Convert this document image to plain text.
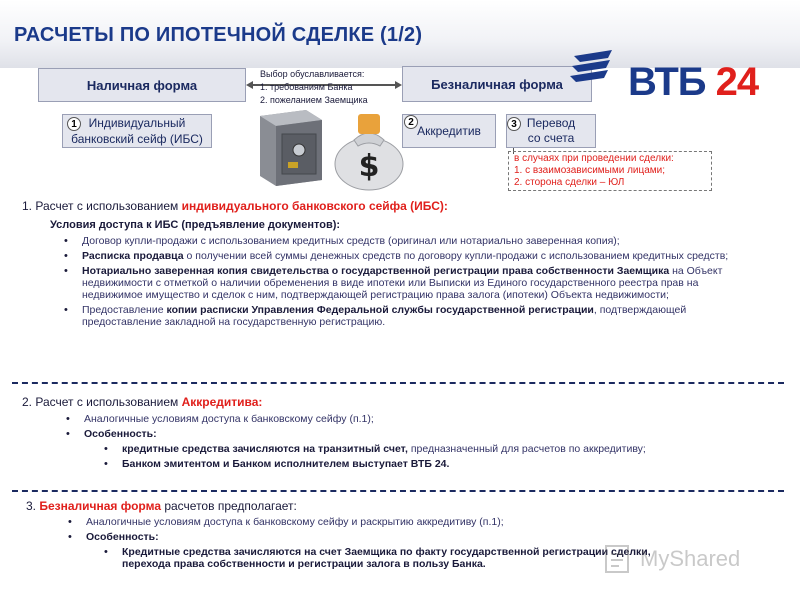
РАСЧЕТЫ ПО ИПОТЕЧНОЙ СДЕЛКЕ (1/2)
Наличная форма	Безналичная форма
Выбор обуславливается:
1. требованиям Банка
2. пожеланием Заемщика
Индивидуальный
банковский сейф (ИБС)
1	Аккредитив
2	Перевод
со счета
3
в случаях при проведении сделки:
1. с взаимозависимыми лицами;
2. сторона сделки – ЮЛ
$
ВТБ 24
1. Расчет с использованием индивидуального банковского сейфа (ИБС):
Условия доступа к ИБС (предъявление документов):
• Договор купли-продажи с использованием кредитных средств (оригинал или нотариально заверенная копия);
• Расписка продавца о получении всей суммы денежных средств по договору купли-продажи с использованием кредитных средств;
• Нотариально заверенная копия свидетельства о государственной регистрации права собственности Заемщика на Объект недвижимости с отметкой о наличии обременения в виде ипотеки или Выписки из Единого государственного реестра прав на недвижимое имущество и сделок с ним, подтверждающей регистрацию права залога (ипотеки) Объекта недвижимости;
• Предоставление копии расписки Управления Федеральной службы государственной регистрации, подтверждающей предоставление закладной на государственную регистрацию.
2. Расчет с использованием Аккредитива:
• Аналогичные условиям доступа к банковскому сейфу (п.1);
• Особенность:
• кредитные средства зачисляются на транзитный счет, предназначенный для расчетов по аккредитиву;
• Банком эмитентом и Банком исполнителем выступает ВТБ 24.
3. Безналичная форма расчетов предполагает:
• Аналогичные условиям доступа к банковскому сейфу и раскрытию аккредитиву (п.1);
• Особенность:
• Кредитные средства зачисляются на счет Заемщика по факту государственной регистрации сделки, перехода права собственности и регистрации залога в пользу Банка.	MyShared
